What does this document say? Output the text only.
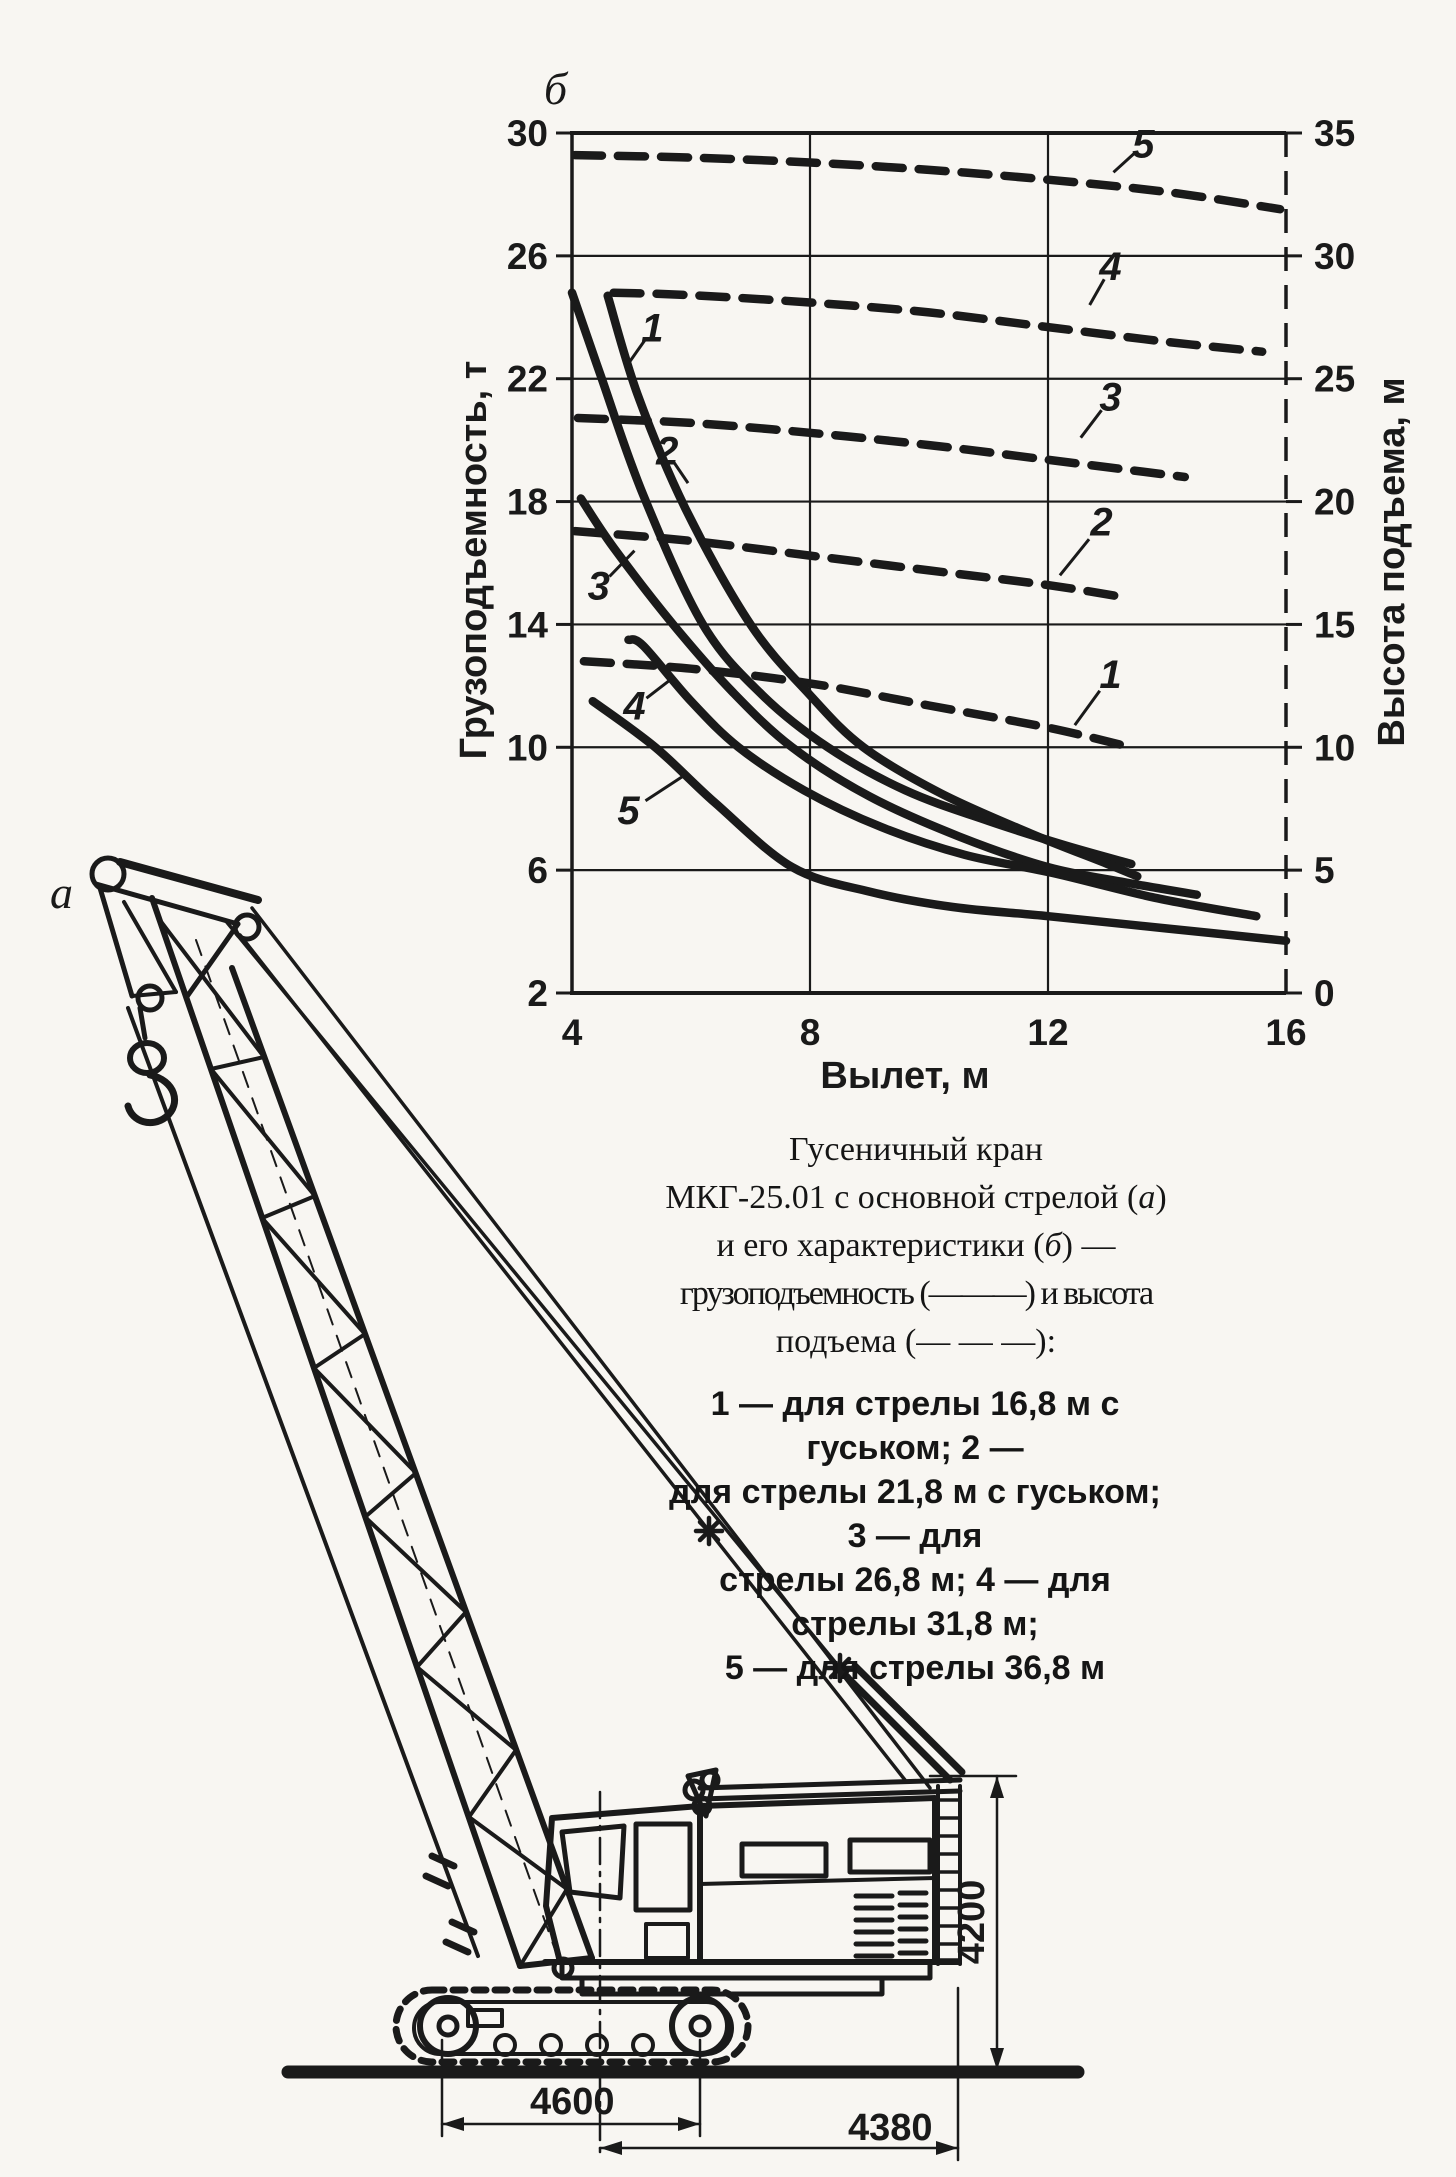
30
26
22
18
14
10
6
2
35
30
25
20
15
10
5
0
4	8	12	16
Грузоподъемность, т	Высота подъема, м
Вылет, м
б
1
2
3
4
5
1
2
3
4
5
а
4600
4380
4200
Гусеничный кран
МКГ-25.01 с основной стрелой (а)
и его характеристики (б) —
грузоподъемность (———) и высота
подъема (— — —):
1 — для стрелы 16,8 м с гуськом; 2 —
для стрелы 21,8 м с гуськом; 3 — для
стрелы 26,8 м; 4 — для стрелы 31,8 м;
5 — для стрелы 36,8 м
